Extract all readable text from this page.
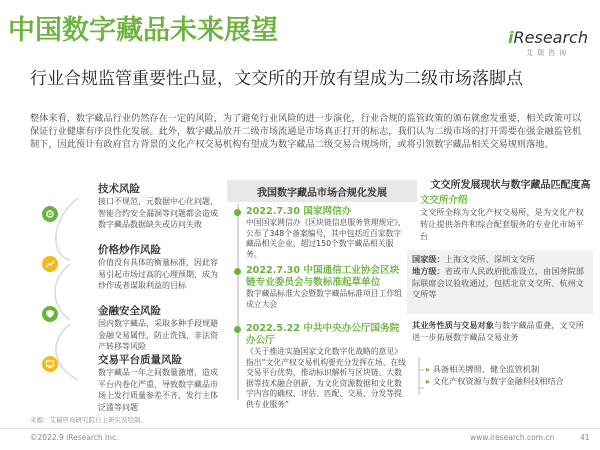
中国数字藏品未来展望	iResearch
艾瑞咨询
行业合规监管重要性凸显，文交所的开放有望成为二级市场落脚点
整体来看，数字藏品行业仍然存在一定的风险，为了避免行业风险的进一步演化，行业合规的监管政策的颁布就愈发重要，相关政策可以保证行业健康有序良性化发展。此外，数字藏品放开二级市场流通是市场真正打开的标志，我们认为二级市场的打开需要在强金融监管机制下，因此预计有政府官方背景的文化产权交易机构有望成为数字藏品二级交易合规场所，或将引领数字藏品相关交易规则落地。
技术风险
接口不规范，元数据中心化问题，智能合约安全漏洞等问题都会造成数字藏品数据缺失或访问失败
价格炒作风险
价值没有具体的衡量标准，因此容易引起市场过高的心理预期，成为炒作或者谋取利益的目标
金融安全风险
国内数字藏品，采取多种手段规避金融交易属性，防止洗钱、非法资产转移等风险
交易平台质量风险
数字藏品一年之间数量激增，造成平台内卷化严重，导致数字藏品市场上发行质量参差不齐，发行主体泛滥等问题
我国数字藏品市场合规化发展
2022.7.30 国家网信办
中国国家网信办《区块链信息服务管理规定》，公布了348个备案编号，其中包括近百家数字藏品相关企业，超过150个数字藏品相关服务。
2022.7.30 中国通信工业协会区块链专业委员会与数标准起草单位
数字藏品标准大会暨数字藏品标准项目工作组成立大会
2022.5.22 中共中央办公厅国务院办公厅
《关于推进实施国家文化数字化战略的意见》指出“文化产权交易机构要充分发挥在场、在线交易平台优势，推动标识解析与区块链、大数据等技术融合创新，为文化资源数据和文化数字内容的确权、评估、匹配、交易、分发等提供专业服务”
文交所发展现状与数字藏品匹配度高
文交所介绍
文交所全称为文化产权交易所，是为文化产权转让提供条件和综合配套服务的专业化市场平台
国家级：上海文交所、深圳文交所
地方级：省或市人民政府批准设立，由国务院部际联席会议验收通过，包括北京文交所、杭州文交所等
其业务性质与交易对象与数字藏品重叠，文交所进一步拓展数字藏品交易业务
▸ 具备相关牌照、健全监管机制
▸ 文化产权资源与数字金融科技相结合
来源：艾瑞咨询研究院自主研究及绘制。
©2022.9 iResearch Inc.	www.iresearch.com.cn	41
